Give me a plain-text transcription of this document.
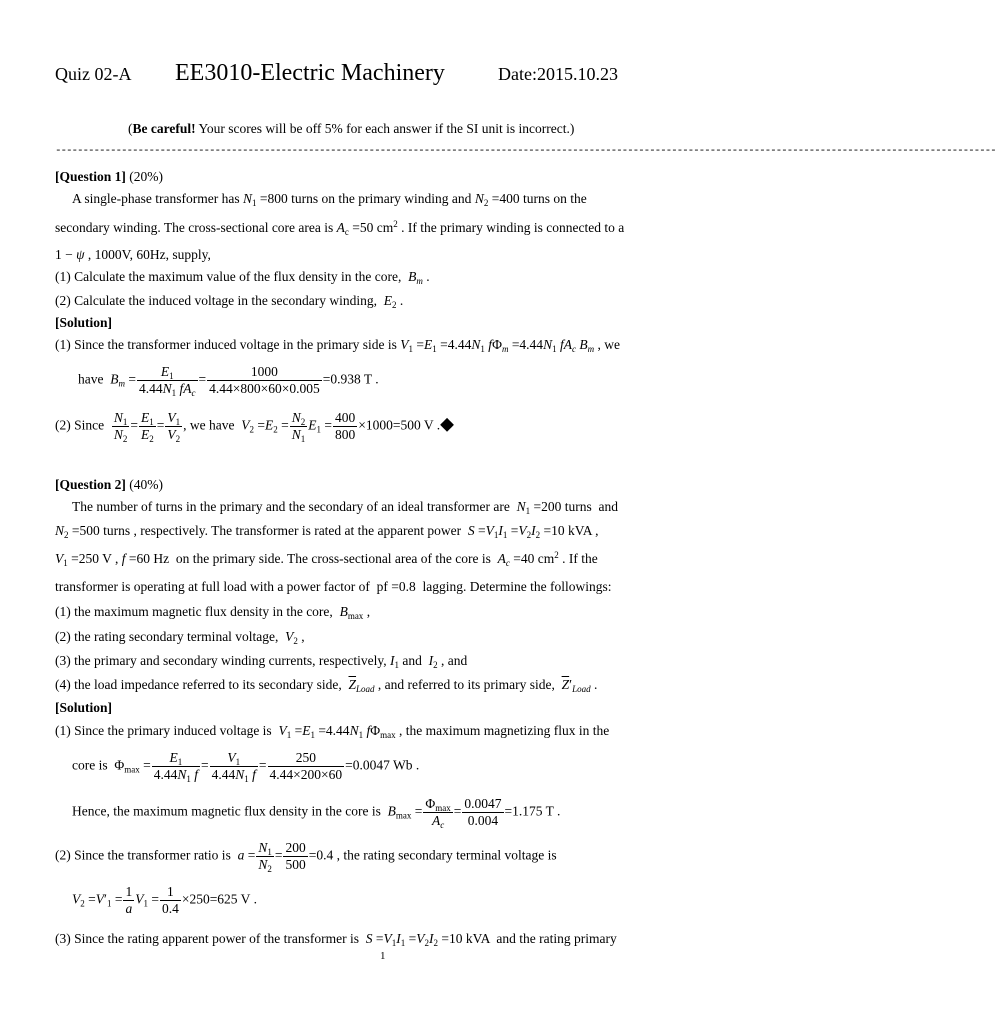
Quiz 02-A EE3010-Electric Machinery	Date:2015.10.23
(Be careful! Your scores will be off 5% for each answer if the SI unit is incorrect.)
---------------------------------------------------------------------------------------------------------------------------------------------------------------------------
[Question 1] (20%)
A single-phase transformer has $N_1 =800$ turns on the primary winding and $N_2 =400$ turns on the
secondary winding. The cross-sectional core area is $A_c =50$ $cm^2$ . If the primary winding is connected to a
1 − ψ , 1000V, 60Hz, supply,
(1) Calculate the maximum value of the flux density in the core, $B_m$ .
(2) Calculate the induced voltage in the secondary winding, $E_2$ .
[Solution]
(1) Since the transformer induced voltage in the primary side is $V_1 =E_1 =4.44N_1$ $f\Phi_m =4.44N_1$ $fA_c$ $B_m$ , we
have  $B_m = \frac{E_1}{4.44N_1 fA_c} = \frac{1000}{4.44\times 800\times 60\times 0.005} =0.938$ T .
(2) Since $\frac{N_1}{N_2} = \frac{E_1}{E_2} = \frac{V_1}{V_2}$ , we have  $V_2 =E_2 = \frac{N_2}{N_1} E_1 = \frac{400}{800} \times 1000=500$ V .◆
[Question 2] (40%)
The number of turns in the primary and the secondary of an ideal transformer are  $N_1 =200$ turns  and
$N_2 =500$ turns , respectively. The transformer is rated at the apparent power  $S =V_1I_1 =V_2I_2 =10$ kVA ,
$V_1 =250$ V , f =60 Hz  on the primary side. The cross-sectional area of the core is  $A_c =40$ $cm^2$ . If the
transformer is operating at full load with a power factor of  pf =0.8  lagging. Determine the followings:
(1) the maximum magnetic flux density in the core, $B_{max}$ ,
(2) the rating secondary terminal voltage, $V_2$ ,
(3) the primary and secondary winding currents, respectively, $I_1$ and  $I_2$ , and
(4) the load impedance referred to its secondary side, $\overline{Z}_{Load}$ , and referred to its primary side,  $\overline{Z}'_{Load}$ .
[Solution]
(1) Since the primary induced voltage is  $V_1 =E_1 =4.44N_1$ $f\Phi_{max}$ , the maximum magnetizing flux in the
core is  $\Phi_{max} = \frac{E_1}{4.44N_1 f} = \frac{V_1}{4.44N_1 f} = \frac{250}{4.44\times 200\times 60} =0.0047$ Wb .
Hence, the maximum magnetic flux density in the core is  $B_{max} = \frac{\Phi_{max}}{A_c} = \frac{0.0047}{0.004} =1.175$ T .
(2) Since the transformer ratio is  $a = \frac{N_1}{N_2} = \frac{200}{500} =0.4$ , the rating secondary terminal voltage is
$V_2 =V'_1 = \frac{1}{a} V_1 = \frac{1}{0.4} \times 250=625$ V .
(3) Since the rating apparent power of the transformer is  $S =V_1I_1 =V_2I_2 =10$ kVA  and the rating primary
1
